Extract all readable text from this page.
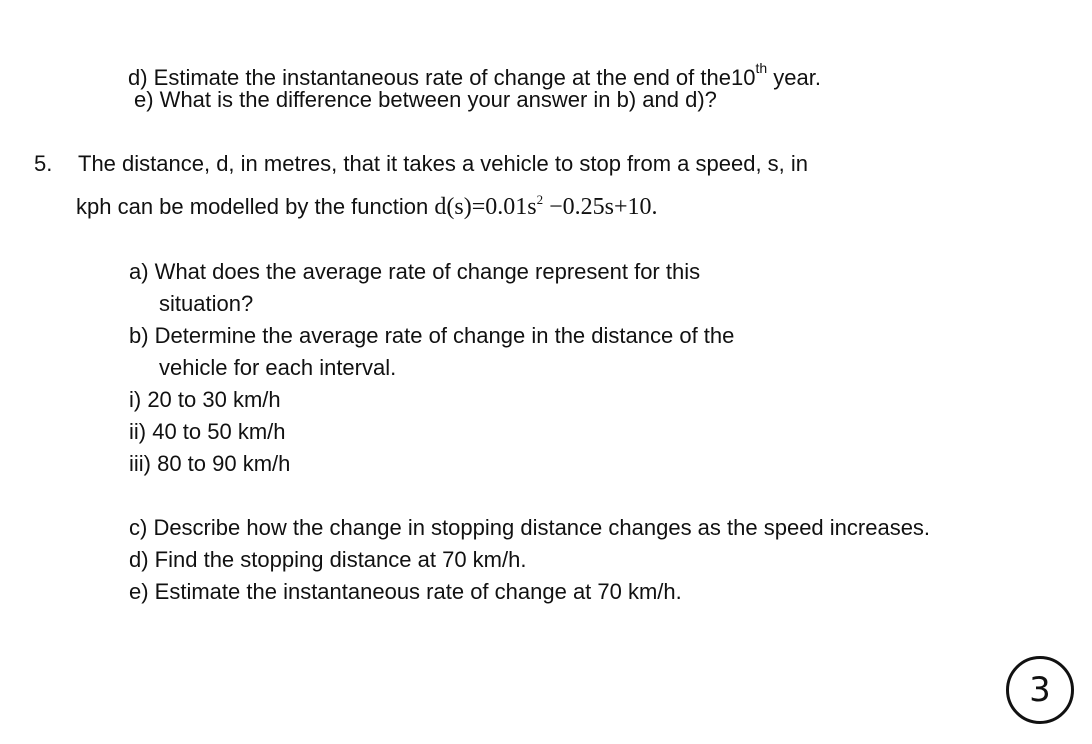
d) Estimate the instantaneous rate of change at the end of the10th year.
e) What is the difference between your answer in b) and d)?
5. The distance, d, in metres, that it takes a vehicle to stop from a speed, s, in
kph can be modelled by the function $d(s)=0.01s^2 -0.25s+10$.
a) What does the average rate of change represent for this
situation?
b) Determine the average rate of change in the distance of the
vehicle for each interval.
i) 20 to 30 km/h
ii) 40 to 50 km/h
iii) 80 to 90 km/h
c) Describe how the change in stopping distance changes as the speed increases.
d) Find the stopping distance at 70 km/h.
e) Estimate the instantaneous rate of change at 70 km/h.
3
